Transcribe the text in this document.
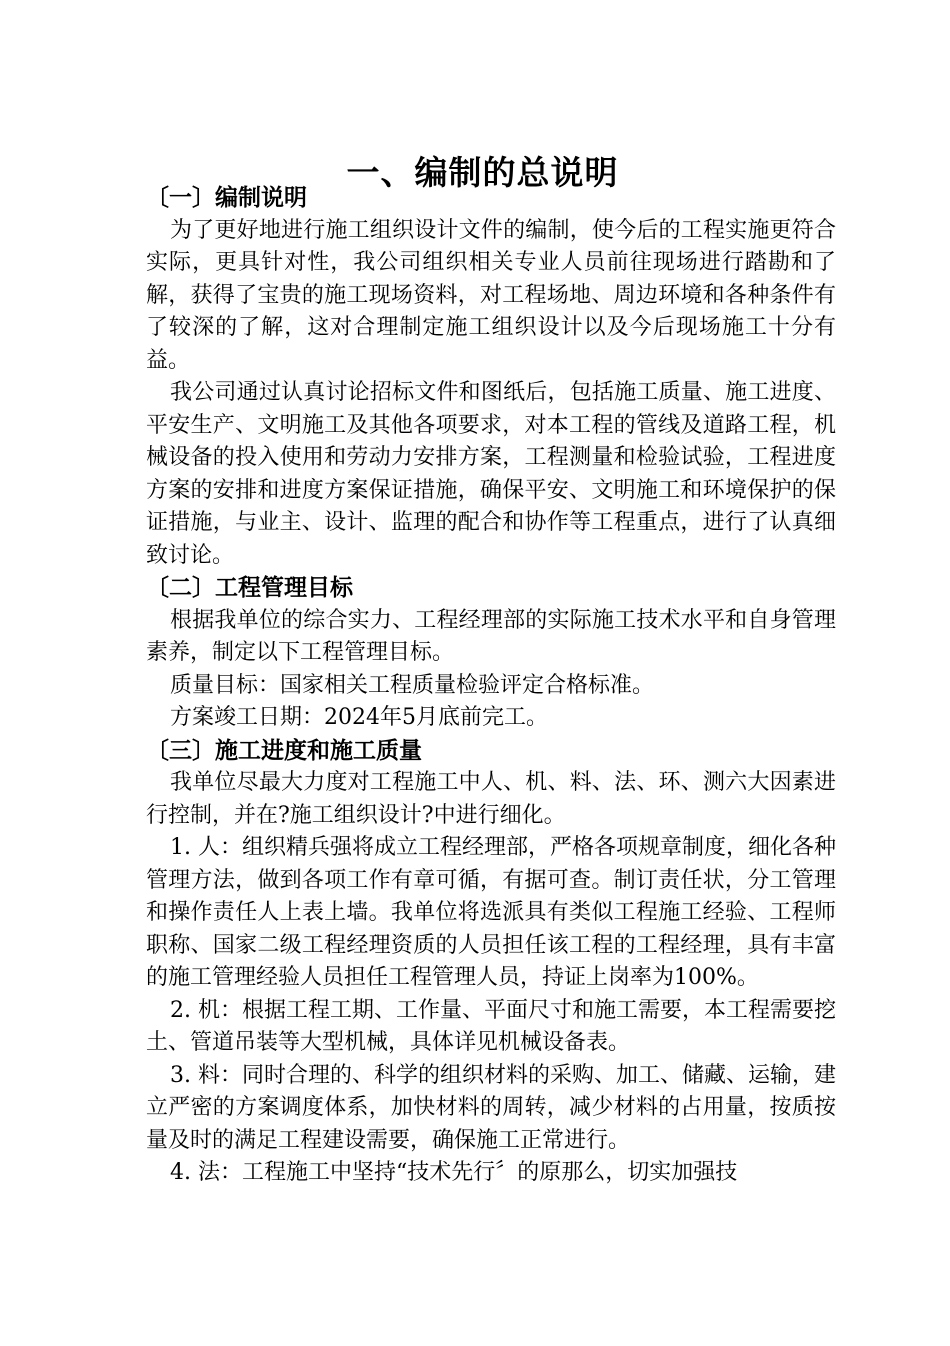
一、编制的总说明
〔一〕编制说明

为了更好地进行施工组织设计文件的编制，使今后的工程实施更符合实际，更具针对性，我公司组织相关专业人员前往现场进行踏勘和了解，获得了宝贵的施工现场资料，对工程场地、周边环境和各种条件有了较深的了解，这对合理制定施工组织设计以及今后现场施工十分有益。

我公司通过认真讨论招标文件和图纸后，包括施工质量、施工进度、平安生产、文明施工及其他各项要求，对本工程的管线及道路工程，机械设备的投入使用和劳动力安排方案，工程测量和检验试验，工程进度方案的安排和进度方案保证措施，确保平安、文明施工和环境保护的保证措施，与业主、设计、监理的配合和协作等工程重点，进行了认真细致讨论。

〔二〕工程管理目标

根据我单位的综合实力、工程经理部的实际施工技术水平和自身管理素养，制定以下工程管理目标。

质量目标：国家相关工程质量检验评定合格标准。

方案竣工日期：2024年5月底前完工。

〔三〕施工进度和施工质量

我单位尽最大力度对工程施工中人、机、料、法、环、测六大因素进行控制，并在?施工组织设计?中进行细化。

1. 人：组织精兵强将成立工程经理部，严格各项规章制度，细化各种管理方法，做到各项工作有章可循，有据可查。制订责任状，分工管理和操作责任人上表上墙。我单位将选派具有类似工程施工经验、工程师职称、国家二级工程经理资质的人员担任该工程的工程经理，具有丰富的施工管理经验人员担任工程管理人员，持证上岗率为100%。

2. 机：根据工程工期、工作量、平面尺寸和施工需要，本工程需要挖土、管道吊装等大型机械，具体详见机械设备表。

3. 料：同时合理的、科学的组织材料的采购、加工、储藏、运输，建立严密的方案调度体系，加快材料的周转，减少材料的占用量，按质按量及时的满足工程建设需要，确保施工正常进行。

4. 法：工程施工中坚持“技术先行〞的原那么，切实加强技
